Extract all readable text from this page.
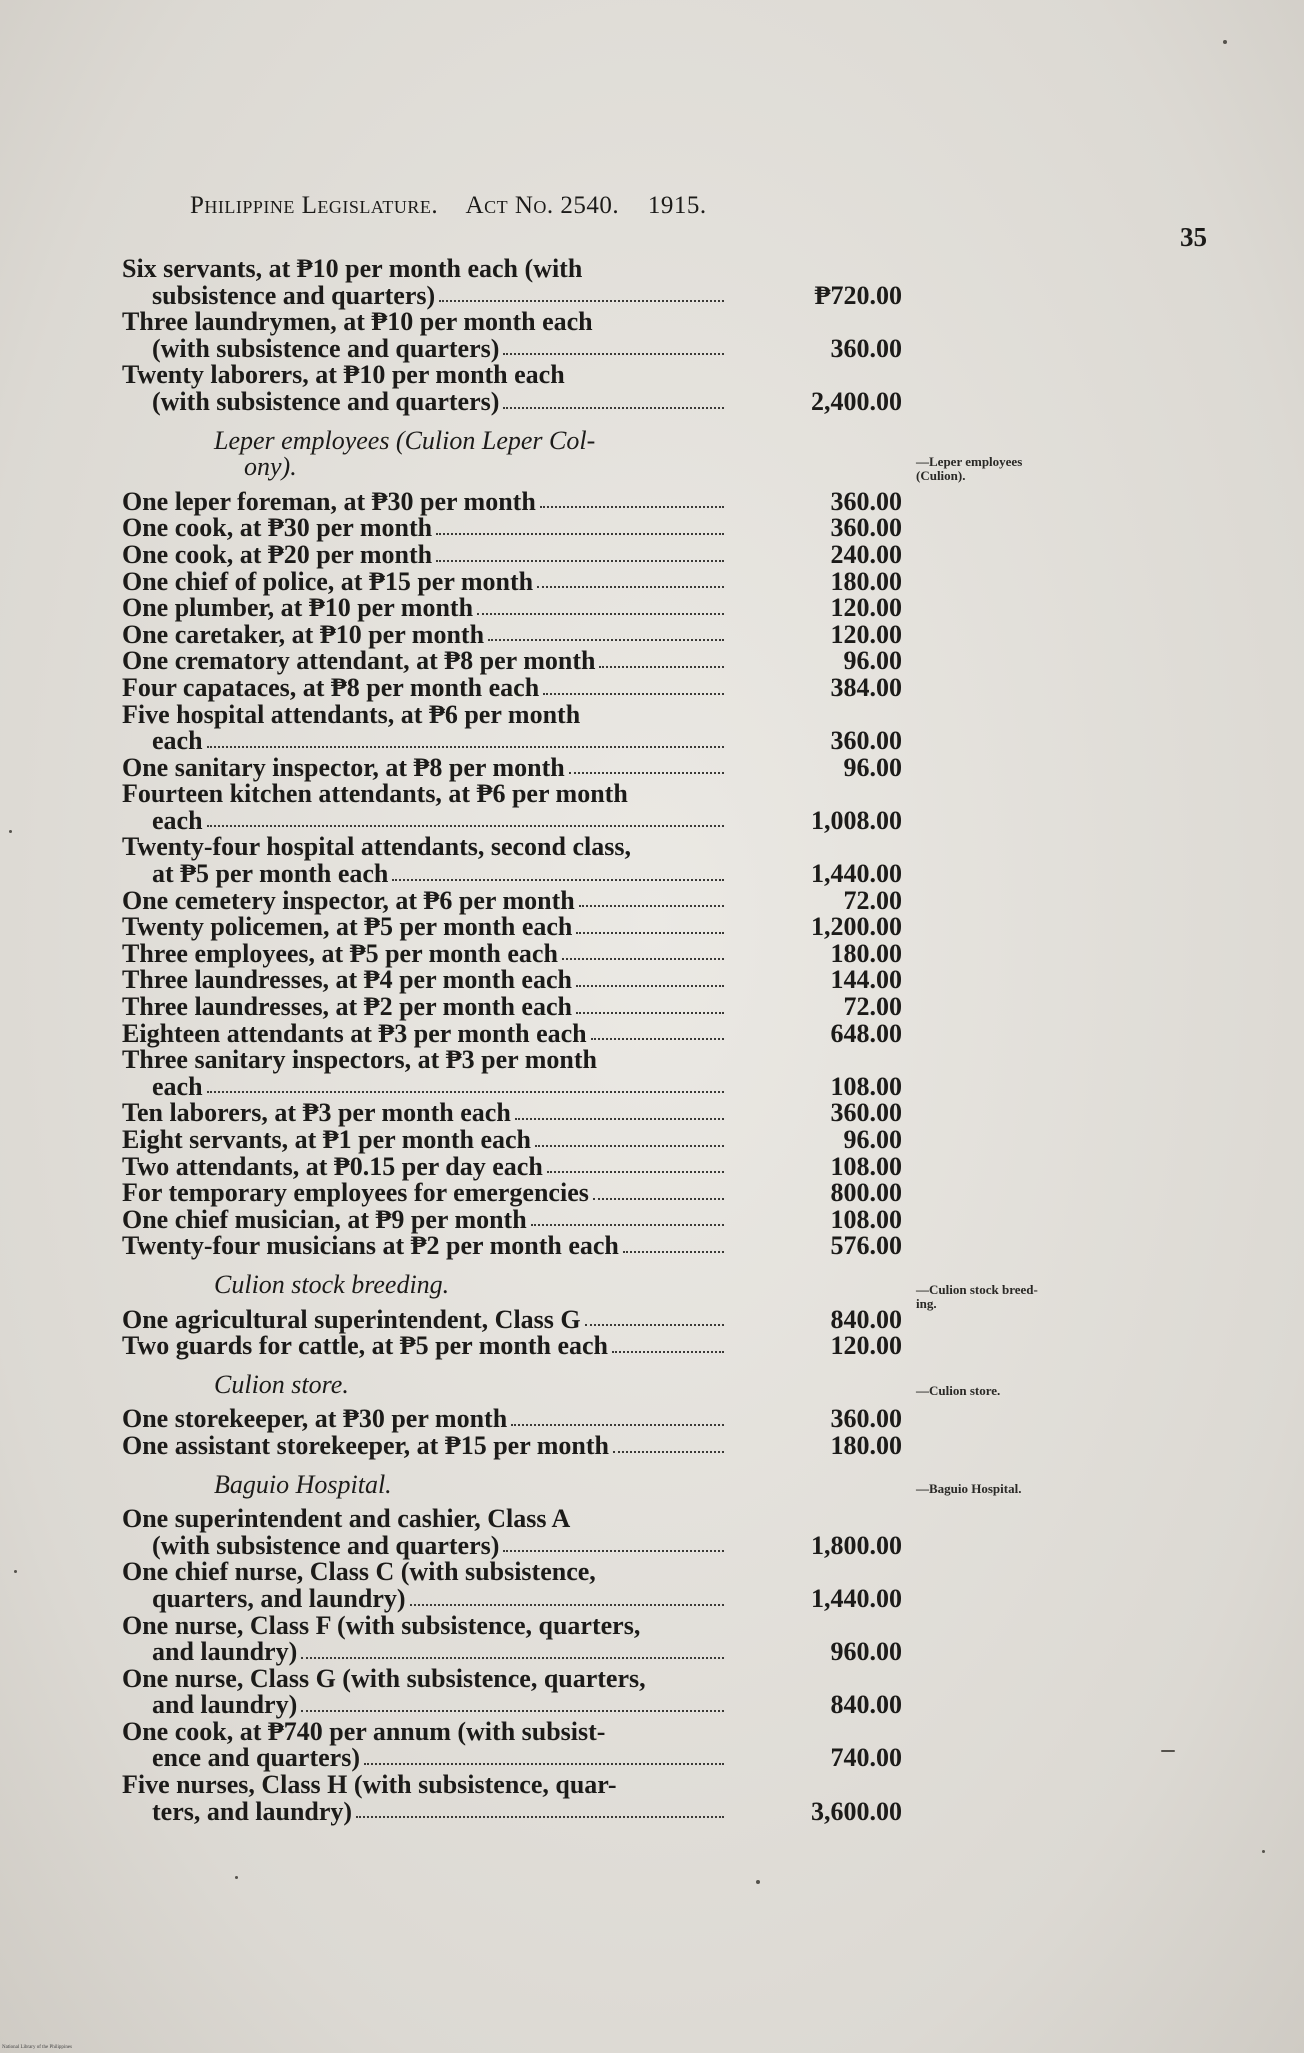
Philippine Legislature. Act No. 2540. 1915.
35
Six servants, at ₱10 per month each (with
subsistence and quarters)	₱720.00
Three laundrymen, at ₱10 per month each
(with subsistence and quarters)	360.00
Twenty laborers, at ₱10 per month each
(with subsistence and quarters)	2,400.00
Leper employees (Culion Leper Col-
ony).
One leper foreman, at ₱30 per month	360.00
One cook, at ₱30 per month	360.00
One cook, at ₱20 per month	240.00
One chief of police, at ₱15 per month	180.00
One plumber, at ₱10 per month	120.00
One caretaker, at ₱10 per month	120.00
One crematory attendant, at ₱8 per month	96.00
Four capataces, at ₱8 per month each	384.00
Five hospital attendants, at ₱6 per month
each	360.00
One sanitary inspector, at ₱8 per month	96.00
Fourteen kitchen attendants, at ₱6 per month
each	1,008.00
Twenty-four hospital attendants, second class,
at ₱5 per month each	1,440.00
One cemetery inspector, at ₱6 per month	72.00
Twenty policemen, at ₱5 per month each	1,200.00
Three employees, at ₱5 per month each	180.00
Three laundresses, at ₱4 per month each	144.00
Three laundresses, at ₱2 per month each	72.00
Eighteen attendants at ₱3 per month each	648.00
Three sanitary inspectors, at ₱3 per month
each	108.00
Ten laborers, at ₱3 per month each	360.00
Eight servants, at ₱1 per month each	96.00
Two attendants, at ₱0.15 per day each	108.00
For temporary employees for emergencies	800.00
One chief musician, at ₱9 per month	108.00
Twenty-four musicians at ₱2 per month each	576.00
Culion stock breeding.
One agricultural superintendent, Class G	840.00
Two guards for cattle, at ₱5 per month each	120.00
Culion store.
One storekeeper, at ₱30 per month	360.00
One assistant storekeeper, at ₱15 per month	180.00
Baguio Hospital.
One superintendent and cashier, Class A
(with subsistence and quarters)	1,800.00
One chief nurse, Class C (with subsistence,
quarters, and laundry)	1,440.00
One nurse, Class F (with subsistence, quarters,
and laundry)	960.00
One nurse, Class G (with subsistence, quarters,
and laundry)	840.00
One cook, at ₱740 per annum (with subsist-
ence and quarters)	740.00
Five nurses, Class H (with subsistence, quar-
ters, and laundry)	3,600.00
—Leper employees
(Culion).
—Culion stock breed-
ing.
—Culion store.
—Baguio Hospital.
National Library of the Philippines
